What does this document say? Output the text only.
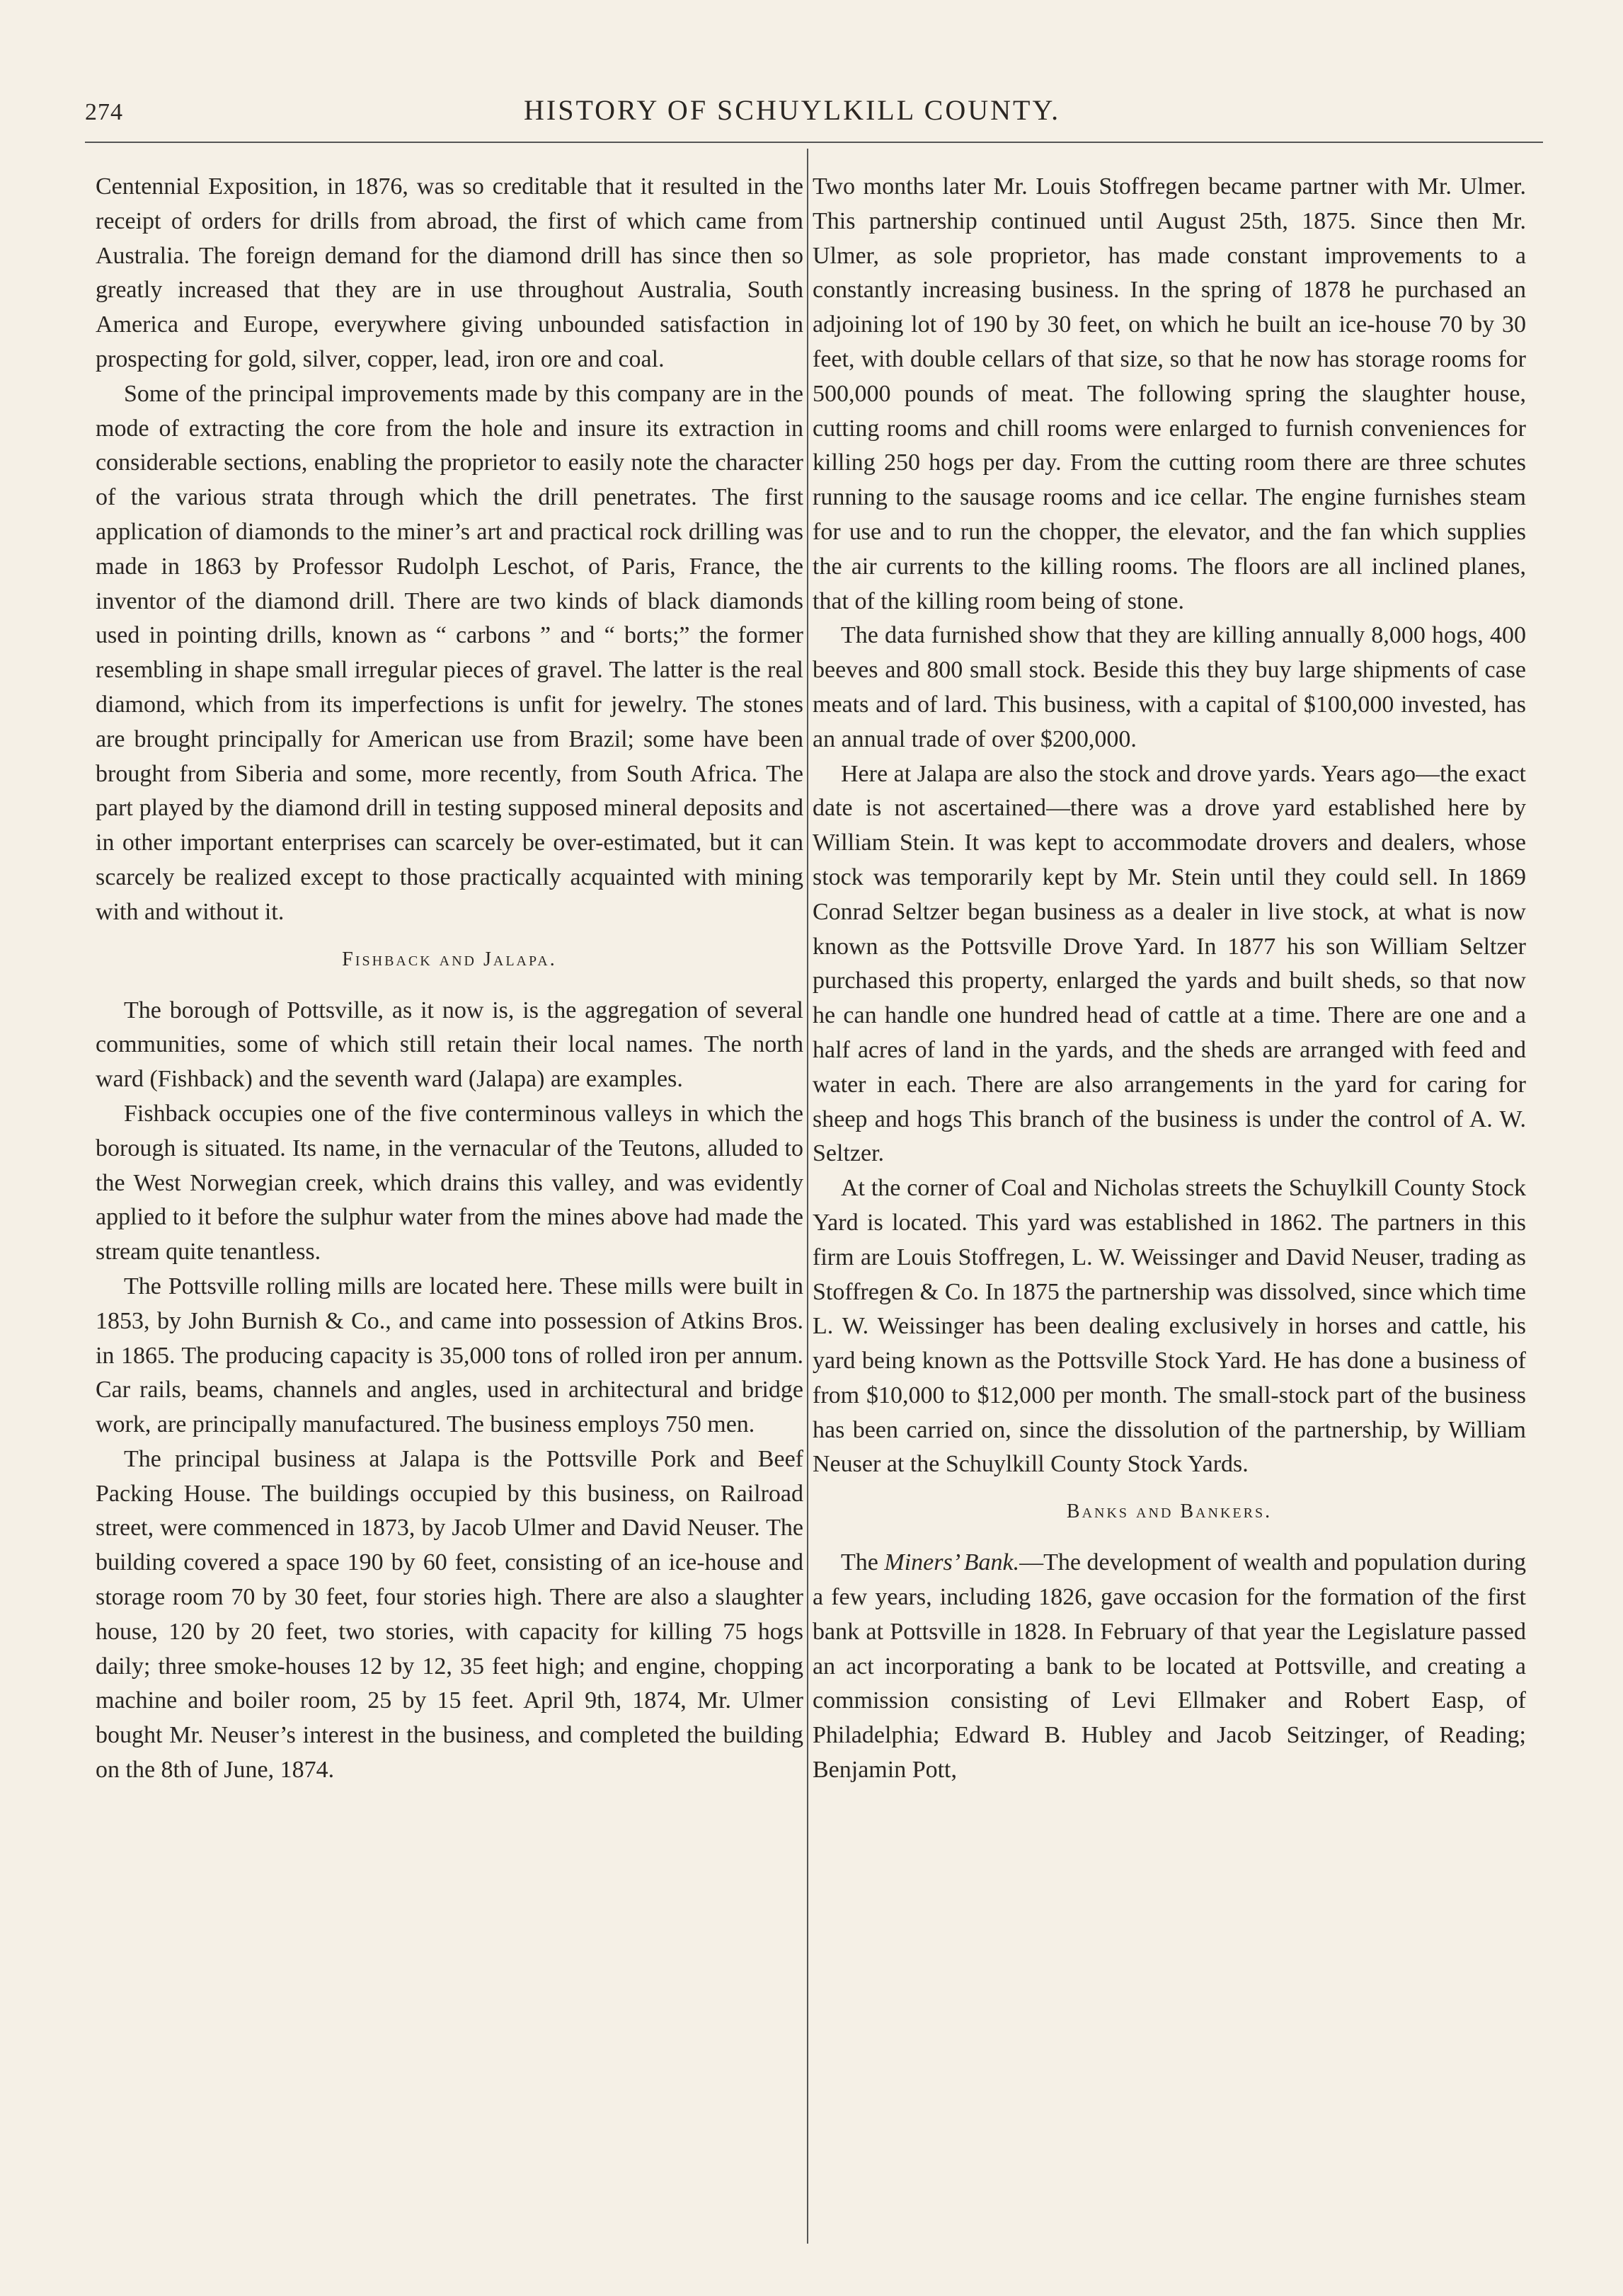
274	HISTORY OF SCHUYLKILL COUNTY.

Centennial Exposition, in 1876, was so creditable that it resulted in the receipt of orders for drills from abroad, the first of which came from Australia. The foreign demand for the diamond drill has since then so greatly increased that they are in use throughout Australia, South America and Europe, everywhere giving unbounded satisfaction in prospecting for gold, silver, copper, lead, iron ore and coal.

Some of the principal improvements made by this company are in the mode of extracting the core from the hole and insure its extraction in considerable sections, enabling the proprietor to easily note the character of the various strata through which the drill penetrates. The first application of diamonds to the miner’s art and practical rock drilling was made in 1863 by Professor Rudolph Leschot, of Paris, France, the inventor of the diamond drill. There are two kinds of black diamonds used in pointing drills, known as “ carbons ” and “ borts;” the former resembling in shape small irregular pieces of gravel. The latter is the real diamond, which from its imperfections is unfit for jewelry. The stones are brought principally for American use from Brazil; some have been brought from Siberia and some, more recently, from South Africa. The part played by the diamond drill in testing supposed mineral deposits and in other important enterprises can scarcely be over-estimated, but it can scarcely be realized except to those practically acquainted with mining with and without it.

Fishback and Jalapa.

The borough of Pottsville, as it now is, is the aggregation of several communities, some of which still retain their local names. The north ward (Fishback) and the seventh ward (Jalapa) are examples.

Fishback occupies one of the five conterminous valleys in which the borough is situated. Its name, in the vernacular of the Teutons, alluded to the West Norwegian creek, which drains this valley, and was evidently applied to it before the sulphur water from the mines above had made the stream quite tenantless.

The Pottsville rolling mills are located here. These mills were built in 1853, by John Burnish & Co., and came into possession of Atkins Bros. in 1865. The producing capacity is 35,000 tons of rolled iron per annum. Car rails, beams, channels and angles, used in architectural and bridge work, are principally manufactured. The business employs 750 men.

The principal business at Jalapa is the Pottsville Pork and Beef Packing House. The buildings occupied by this business, on Railroad street, were commenced in 1873, by Jacob Ulmer and David Neuser. The building covered a space 190 by 60 feet, consisting of an ice-house and storage room 70 by 30 feet, four stories high. There are also a slaughter house, 120 by 20 feet, two stories, with capacity for killing 75 hogs daily; three smoke-houses 12 by 12, 35 feet high; and engine, chopping machine and boiler room, 25 by 15 feet. April 9th, 1874, Mr. Ulmer bought Mr. Neuser’s interest in the business, and completed the building on the 8th of June, 1874.

Two months later Mr. Louis Stoffregen became partner with Mr. Ulmer. This partnership continued until August 25th, 1875. Since then Mr. Ulmer, as sole proprietor, has made constant improvements to a constantly increasing business. In the spring of 1878 he purchased an adjoining lot of 190 by 30 feet, on which he built an ice-house 70 by 30 feet, with double cellars of that size, so that he now has storage rooms for 500,000 pounds of meat. The following spring the slaughter house, cutting rooms and chill rooms were enlarged to furnish conveniences for killing 250 hogs per day. From the cutting room there are three schutes running to the sausage rooms and ice cellar. The engine furnishes steam for use and to run the chopper, the elevator, and the fan which supplies the air currents to the killing rooms. The floors are all inclined planes, that of the killing room being of stone.

The data furnished show that they are killing annually 8,000 hogs, 400 beeves and 800 small stock. Beside this they buy large shipments of case meats and of lard. This business, with a capital of $100,000 invested, has an annual trade of over $200,000.

Here at Jalapa are also the stock and drove yards. Years ago—the exact date is not ascertained—there was a drove yard established here by William Stein. It was kept to accommodate drovers and dealers, whose stock was temporarily kept by Mr. Stein until they could sell. In 1869 Conrad Seltzer began business as a dealer in live stock, at what is now known as the Pottsville Drove Yard. In 1877 his son William Seltzer purchased this property, enlarged the yards and built sheds, so that now he can handle one hundred head of cattle at a time. There are one and a half acres of land in the yards, and the sheds are arranged with feed and water in each. There are also arrangements in the yard for caring for sheep and hogs This branch of the business is under the control of A. W. Seltzer.

At the corner of Coal and Nicholas streets the Schuylkill County Stock Yard is located. This yard was established in 1862. The partners in this firm are Louis Stoffregen, L. W. Weissinger and David Neuser, trading as Stoffregen & Co. In 1875 the partnership was dissolved, since which time L. W. Weissinger has been dealing exclusively in horses and cattle, his yard being known as the Pottsville Stock Yard. He has done a business of from $10,000 to $12,000 per month. The small-stock part of the business has been carried on, since the dissolution of the partnership, by William Neuser at the Schuylkill County Stock Yards.

Banks and Bankers.

The Miners’ Bank.—The development of wealth and population during a few years, including 1826, gave occasion for the formation of the first bank at Pottsville in 1828. In February of that year the Legislature passed an act incorporating a bank to be located at Pottsville, and creating a commission consisting of Levi Ellmaker and Robert Easp, of Philadelphia; Edward B. Hubley and Jacob Seitzinger, of Reading; Benjamin Pott,
